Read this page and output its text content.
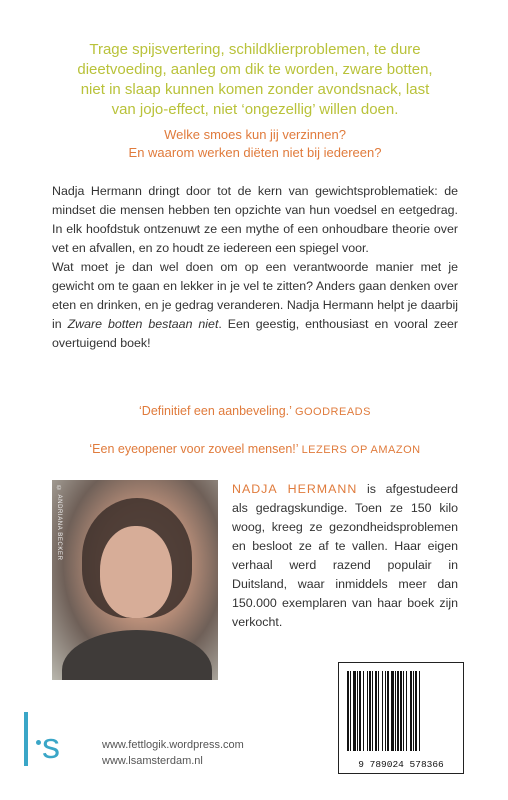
Trage spijsvertering, schildklierproblemen, te dure

dieetvoeding, aanleg om dik te worden, zware botten,

niet in slaap kunnen komen zonder avondsnack, last

van jojo-effect, niet ‘ongezellig’ willen doen.

Welke smoes kun jij verzinnen?

En waarom werken diëten niet bij iedereen?

Nadja Hermann dringt door tot de kern van gewichtsproblematiek: de mindset die mensen hebben ten opzichte van hun voedsel en eetgedrag. In elk hoofdstuk ontzenuwt ze een mythe of een onhoudbare theorie over vet en afvallen, en zo houdt ze iedereen een spiegel voor.

Wat moet je dan wel doen om op een verantwoorde manier met je gewicht om te gaan en lekker in je vel te zitten? Anders gaan denken over eten en drinken, en je gedrag veranderen. Nadja Hermann helpt je daarbij in Zware botten bestaan niet. Een geestig, enthousiast en vooral zeer overtuigend boek!

‘Definitief een aanbeveling.’ GOODREADS
‘Een eyeopener voor zoveel mensen!’ LEZERS OP AMAZON
© ANDRIANA BECKER	NADJA HERMANN is afgestudeerd als gedragskundige. Toen ze 150 kilo woog, kreeg ze gezondheidsproblemen en besloot ze af te vallen. Haar eigen verhaal werd razend populair in Duitsland, waar inmiddels meer dan 150.000 exemplaren van haar boek zijn verkocht.

9 789024 578366
s	www.fettlogik.wordpress.com
www.lsamsterdam.nl
